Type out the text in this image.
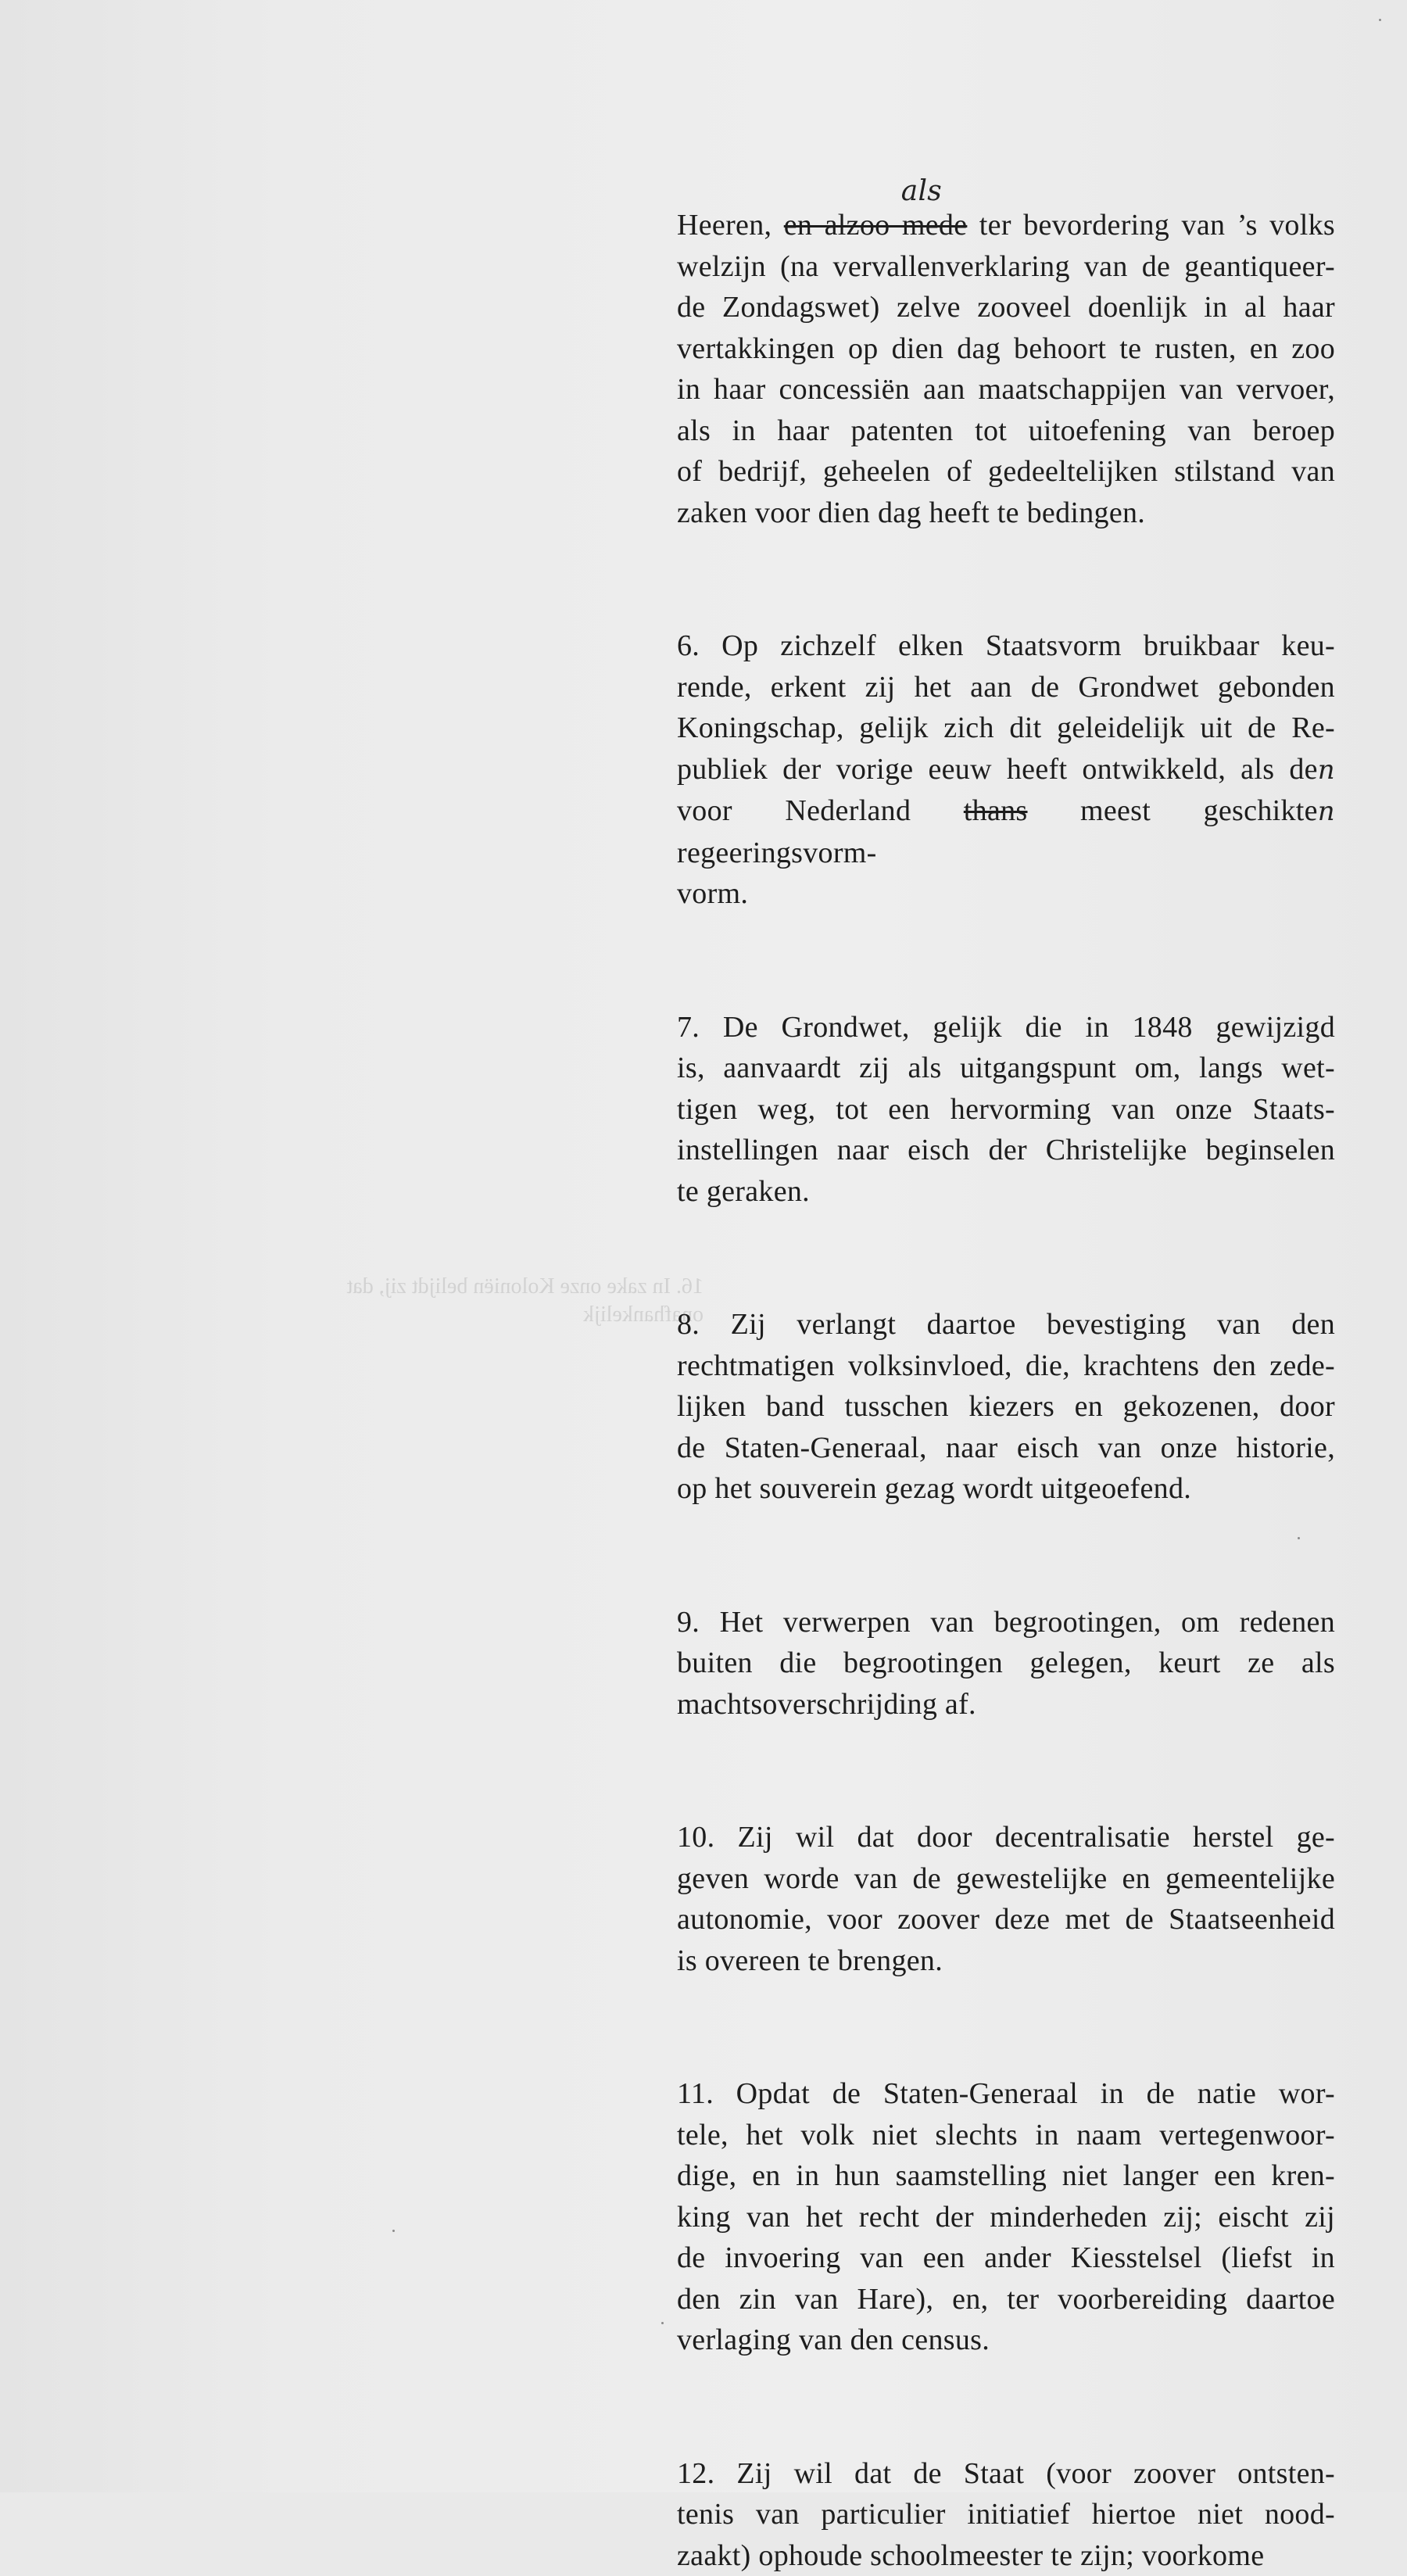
16. In zake onze Koloniën belijdt zij, dat
onafhankelijk

Heeren, en alzoo mede
als
ter bevordering van ’s volks
welzijn (na vervallenverklaring van de geantiqueer-
de Zondagswet) zelve zooveel doenlijk in al haar
vertakkingen op dien dag behoort te rusten, en zoo
in haar concessiën aan maatschappijen van vervoer,
als in haar patenten tot uitoefening van beroep
of bedrijf, geheelen of gedeeltelijken stilstand van
zaken voor dien dag heeft te bedingen.

6. Op zichzelf elken Staatsvorm bruikbaar keu-
rende, erkent zij het aan de Grondwet gebonden
Koningschap, gelijk zich dit geleidelijk uit de Re-
publiek der vorige eeuw heeft ontwikkeld, als den
voor Nederland thans meest geschikten regeeringsvorm-
vorm.

7. De Grondwet, gelijk die in 1848 gewijzigd
is, aanvaardt zij als uitgangspunt om, langs wet-
tigen weg, tot een hervorming van onze Staats-
instellingen naar eisch der Christelijke beginselen
te geraken.

8. Zij verlangt daartoe bevestiging van den
rechtmatigen volksinvloed, die, krachtens den zede-
lijken band tusschen kiezers en gekozenen, door
de Staten-Generaal, naar eisch van onze historie,
op het souverein gezag wordt uitgeoefend.

9. Het verwerpen van begrootingen, om redenen
buiten die begrootingen gelegen, keurt ze als
machtsoverschrijding af.

10. Zij wil dat door decentralisatie herstel ge-
geven worde van de gewestelijke en gemeentelijke
autonomie, voor zoover deze met de Staatseenheid
is overeen te brengen.

11. Opdat de Staten-Generaal in de natie wor-
tele, het volk niet slechts in naam vertegenwoor-
dige, en in hun saamstelling niet langer een kren-
king van het recht der minderheden zij; eischt zij
de invoering van een ander Kiesstelsel (liefst in
den zin van Hare), en, ter voorbereiding daartoe
verlaging van den census.

12. Zij wil dat de Staat (voor zoover ontsten-
tenis van particulier initiatief hiertoe niet nood-
zaakt) ophoude schoolmeester te zijn; voorkome
